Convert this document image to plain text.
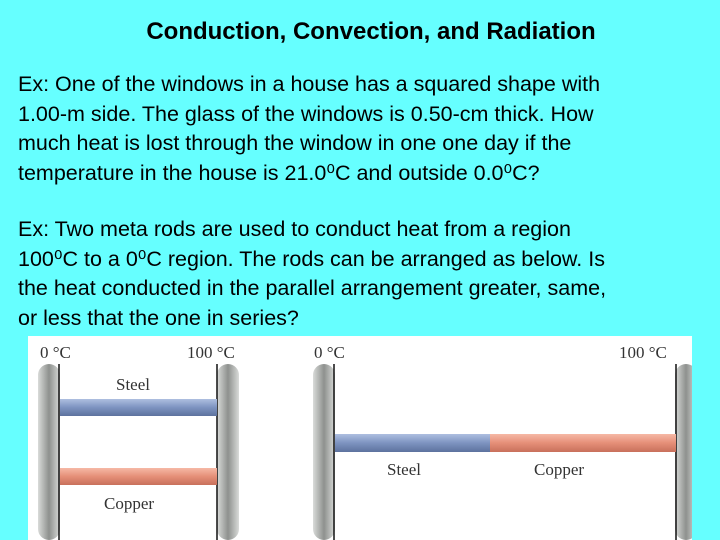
Conduction, Convection, and Radiation
Ex: One of the windows in a house has a squared shape with
1.00-m side. The glass of the windows is 0.50-cm thick. How
much heat is lost through the window in one one day if the
temperature in the house is 21.0⁰C and outside 0.0⁰C?
Ex: Two meta rods are used to conduct heat from a region
100⁰C to a 0⁰C region. The rods can be arranged as below. Is
the heat conducted in the parallel arrangement greater, same,
or less that the one in series?
0 °C	100 °C
Steel
Copper
0 °C	100 °C
Steel	Copper
